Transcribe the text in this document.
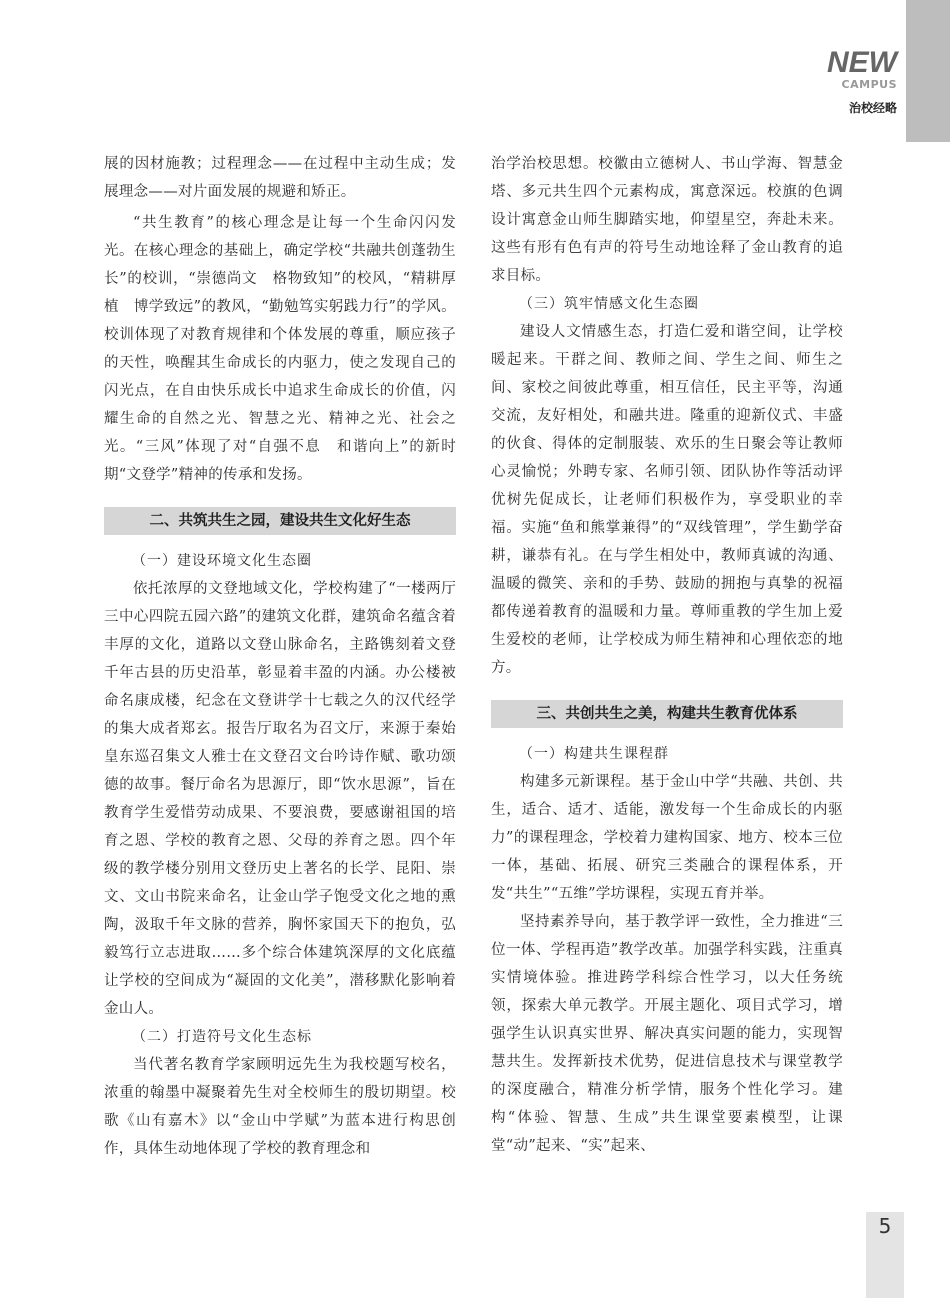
NEW
CAMPUS
治校经略

展的因材施教；过程理念——在过程中主动生成；发展理念——对片面发展的规避和矫正。

“共生教育”的核心理念是让每一个生命闪闪发光。在核心理念的基础上，确定学校“共融共创蓬勃生长”的校训，“崇德尚文　格物致知”的校风，“精耕厚植　博学致远”的教风，“勤勉笃实躬践力行”的学风。校训体现了对教育规律和个体发展的尊重，顺应孩子的天性，唤醒其生命成长的内驱力，使之发现自己的闪光点，在自由快乐成长中追求生命成长的价值，闪耀生命的自然之光、智慧之光、精神之光、社会之光。“三风”体现了对“自强不息　和谐向上”的新时期“文登学”精神的传承和发扬。

二、共筑共生之园，建设共生文化好生态

（一）建设环境文化生态圈

依托浓厚的文登地域文化，学校构建了“一楼两厅三中心四院五园六路”的建筑文化群，建筑命名蕴含着丰厚的文化，道路以文登山脉命名，主路镌刻着文登千年古县的历史沿革，彰显着丰盈的内涵。办公楼被命名康成楼，纪念在文登讲学十七载之久的汉代经学的集大成者郑玄。报告厅取名为召文厅，来源于秦始皇东巡召集文人雅士在文登召文台吟诗作赋、歌功颂德的故事。餐厅命名为思源厅，即“饮水思源”，旨在教育学生爱惜劳动成果、不要浪费，要感谢祖国的培育之恩、学校的教育之恩、父母的养育之恩。四个年级的教学楼分别用文登历史上著名的长学、昆阳、崇文、文山书院来命名，让金山学子饱受文化之地的熏陶，汲取千年文脉的营养，胸怀家国天下的抱负，弘毅笃行立志进取……多个综合体建筑深厚的文化底蕴让学校的空间成为“凝固的文化美”，潜移默化影响着金山人。

（二）打造符号文化生态标

当代著名教育学家顾明远先生为我校题写校名，浓重的翰墨中凝聚着先生对全校师生的殷切期望。校歌《山有嘉木》以“金山中学赋”为蓝本进行构思创作，具体生动地体现了学校的教育理念和

治学治校思想。校徽由立德树人、书山学海、智慧金塔、多元共生四个元素构成，寓意深远。校旗的色调设计寓意金山师生脚踏实地，仰望星空，奔赴未来。这些有形有色有声的符号生动地诠释了金山教育的追求目标。

（三）筑牢情感文化生态圈

建设人文情感生态，打造仁爱和谐空间，让学校暖起来。干群之间、教师之间、学生之间、师生之间、家校之间彼此尊重，相互信任，民主平等，沟通交流，友好相处，和融共进。隆重的迎新仪式、丰盛的伙食、得体的定制服装、欢乐的生日聚会等让教师心灵愉悦；外聘专家、名师引领、团队协作等活动评优树先促成长，让老师们积极作为，享受职业的幸福。实施“鱼和熊掌兼得”的“双线管理”，学生勤学奋耕，谦恭有礼。在与学生相处中，教师真诚的沟通、温暖的微笑、亲和的手势、鼓励的拥抱与真挚的祝福都传递着教育的温暖和力量。尊师重教的学生加上爱生爱校的老师，让学校成为师生精神和心理依恋的地方。

三、共创共生之美，构建共生教育优体系

（一）构建共生课程群

构建多元新课程。基于金山中学“共融、共创、共生，适合、适才、适能，激发每一个生命成长的内驱力”的课程理念，学校着力建构国家、地方、校本三位一体，基础、拓展、研究三类融合的课程体系，开发“共生”“五维”学坊课程，实现五育并举。

坚持素养导向，基于教学评一致性，全力推进“三位一体、学程再造”教学改革。加强学科实践，注重真实情境体验。推进跨学科综合性学习，以大任务统领，探索大单元教学。开展主题化、项目式学习，增强学生认识真实世界、解决真实问题的能力，实现智慧共生。发挥新技术优势，促进信息技术与课堂教学的深度融合，精准分析学情，服务个性化学习。建构“体验、智慧、生成”共生课堂要素模型，让课堂“动”起来、“实”起来、

5
